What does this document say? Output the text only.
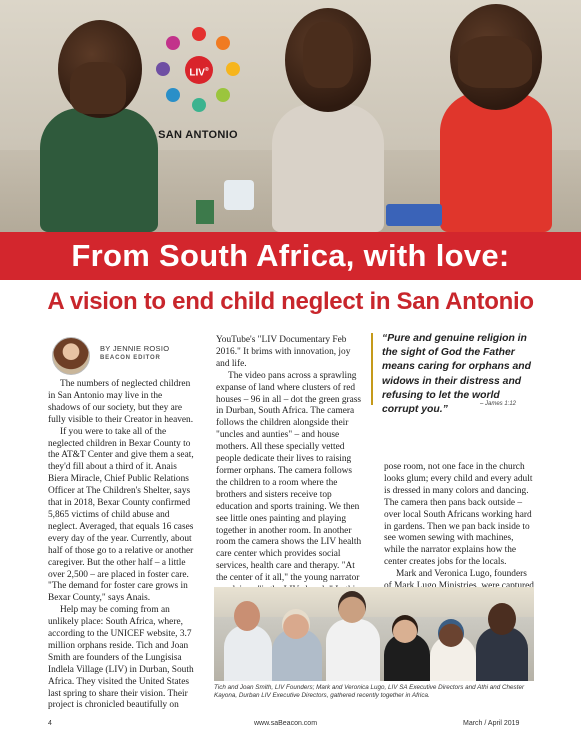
LIV®
SAN ANTONIO
From South Africa, with love:
A vision to end child neglect in San Antonio
BY JENNIE ROSIO
BEACON EDITOR

The numbers of neglected children in San Antonio may live in the shadows of our society, but they are fully visible to their Creator in heaven.

If you were to take all of the neglected children in Bexar County to the AT&T Center and give them a seat, they'd fill about a third of it. Anais Biera Miracle, Chief Public Relations Officer at The Children's Shelter, says that in 2018, Bexar County confirmed 5,865 victims of child abuse and neglect. Averaged, that equals 16 cases every day of the year. Currently, about half of those go to a relative or another caregiver. But the other half – a little over 2,500 – are placed in foster care. "The demand for foster care grows in Bexar County," says Anais.

Help may be coming from an unlikely place: South Africa, where, according to the UNICEF website, 3.7 million orphans reside. Tich and Joan Smith are founders of the Lungisisa Indlela Village (LIV) in Durban, South Africa. They visited the United States last spring to share their vision. Their project is chronicled beautifully on

YouTube's "LIV Documentary Feb 2016." It brims with innovation, joy and life.

The video pans across a sprawling expanse of land where clusters of red houses – 96 in all – dot the green grass in Durban, South Africa. The camera follows the children alongside their "uncles and aunties" – and house mothers. All these specially vetted people dedicate their lives to raising former orphans. The camera follows the children to a room where the brothers and sisters receive top education and sports training. We then see little ones painting and playing together in another room. In another room the camera shows the LIV health care center which provides social services, health care and therapy. "At the center of it all," the young narrator

“Pure and genuine religion in the sight of God the Father means caring for orphans and widows in their distress and refusing to let the world corrupt you.”
– James 1:12

pose room, not one face in the church looks glum; every child and every adult is dressed in many colors and dancing. The camera then pans back outside – over local South Africans working hard in gardens. Then we pan back inside to see women sewing with machines, while the narrator explains how the center creates jobs for the locals.

Mark and Veronica Lugo, founders

Tich and Joan Smith, LIV Founders; Mark and Veronica Lugo, LIV SA Executive Directors and Athi and Chester Kayona, Durban LIV Executive Directors, gathered recently together in Africa.
4	www.saBeacon.com	March / April 2019
